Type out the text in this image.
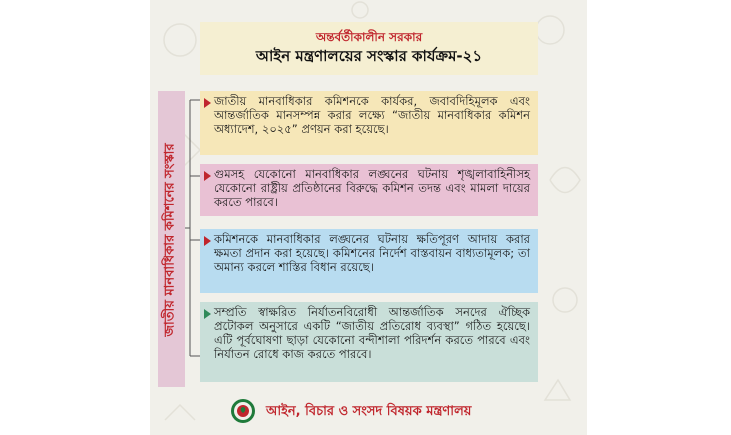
অন্তর্বর্তীকালীন সরকার
আইন মন্ত্রণালয়ের সংস্কার কার্যক্রম-২১
জাতীয় মানবাধিকার কমিশনের সংস্কার
জাতীয় মানবাধিকার কমিশনকে কার্যকর, জবাবদিহিমূলক এবং আন্তর্জাতিক মানসম্পন্ন করার লক্ষ্যে “জাতীয় মানবাধিকার কমিশন অধ্যাদেশ, ২০২৫” প্রণয়ন করা হয়েছে।
গুমসহ যেকোনো মানবাধিকার লঙ্ঘনের ঘটনায় শৃঙ্খলাবাহিনীসহ যেকোনো রাষ্ট্রীয় প্রতিষ্ঠানের বিরুদ্ধে কমিশন তদন্ত এবং মামলা দায়ের করতে পারবে।
কমিশনকে মানবাধিকার লঙ্ঘনের ঘটনায় ক্ষতিপূরণ আদায় করার ক্ষমতা প্রদান করা হয়েছে। কমিশনের নির্দেশ বাস্তবায়ন বাধ্যতামূলক; তা অমান্য করলে শাস্তির বিধান রয়েছে।
সম্প্রতি স্বাক্ষরিত নির্যাতনবিরোধী আন্তর্জাতিক সনদের ঐচ্ছিক প্রটোকল অনুসারে একটি “জাতীয় প্রতিরোধ ব্যবস্থা” গঠিত হয়েছে। এটি পূর্বঘোষণা ছাড়া যেকোনো বন্দীশালা পরিদর্শন করতে পারবে এবং নির্যাতন রোধে কাজ করতে পারবে।
আইন, বিচার ও সংসদ বিষয়ক মন্ত্রণালয়
